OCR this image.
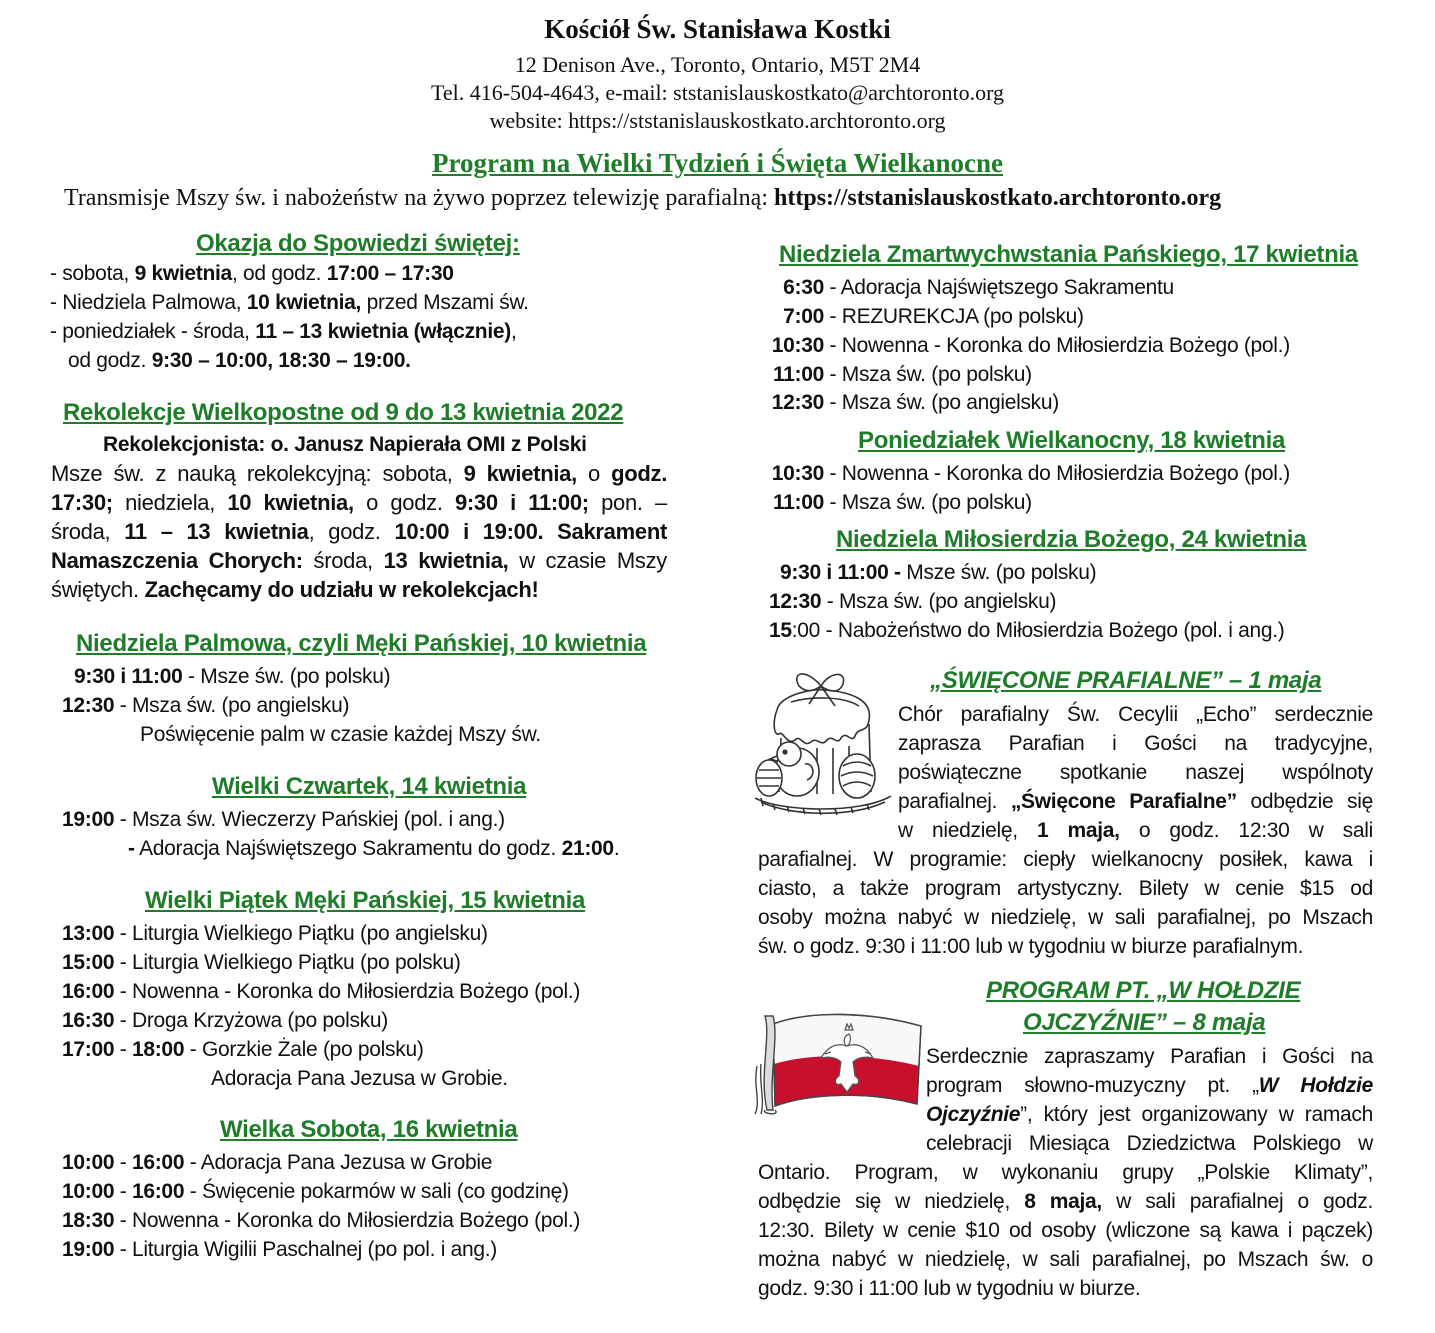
Kościół Św. Stanisława Kostki
12 Denison Ave., Toronto, Ontario, M5T 2M4
Tel. 416-504-4643, e-mail: ststanislauskostkato@archtoronto.org
website: https://ststanislauskostkato.archtoronto.org
Program na Wielki Tydzień i Święta Wielkanocne
Transmisje Mszy św. i nabożeństw na żywo poprzez telewizję parafialną: https://ststanislauskostkato.archtoronto.org
Okazja do Spowiedzi świętej:
- sobota, 9 kwietnia, od godz. 17:00 – 17:30
- Niedziela Palmowa, 10 kwietnia, przed Mszami św.
- poniedziałek - środa, 11 – 13 kwietnia (włącznie),
od godz. 9:30 – 10:00, 18:30 – 19:00.
Rekolekcje Wielkopostne od 9 do 13 kwietnia 2022
Rekolekcjonista: o. Janusz Napierała OMI z Polski
Msze św. z nauką rekolekcyjną: sobota, 9 kwietnia, o godz.
17:30; niedziela, 10 kwietnia, o godz. 9:30 i 11:00; pon. –
środa, 11 – 13 kwietnia, godz. 10:00 i 19:00. Sakrament
Namaszczenia Chorych: środa, 13 kwietnia, w czasie Mszy
świętych. Zachęcamy do udziału w rekolekcjach!
Niedziela Palmowa, czyli Męki Pańskiej, 10 kwietnia
9:30 i 11:00 - Msze św. (po polsku)
12:30 - Msza św. (po angielsku)
Poświęcenie palm w czasie każdej Mszy św.
Wielki Czwartek, 14 kwietnia
19:00 - Msza św. Wieczerzy Pańskiej (pol. i ang.)
- Adoracja Najświętszego Sakramentu do godz. 21:00.
Wielki Piątek Męki Pańskiej, 15 kwietnia
13:00 - Liturgia Wielkiego Piątku (po angielsku)
15:00 - Liturgia Wielkiego Piątku (po polsku)
16:00 - Nowenna - Koronka do Miłosierdzia Bożego (pol.)
16:30 - Droga Krzyżowa (po polsku)
17:00 - 18:00 - Gorzkie Żale (po polsku)
Adoracja Pana Jezusa w Grobie.
Wielka Sobota, 16 kwietnia
10:00 - 16:00 - Adoracja Pana Jezusa w Grobie
10:00 - 16:00 - Święcenie pokarmów w sali (co godzinę)
18:30 - Nowenna - Koronka do Miłosierdzia Bożego (pol.)
19:00 - Liturgia Wigilii Paschalnej (po pol. i ang.)
Niedziela Zmartwychwstania Pańskiego, 17 kwietnia
6:30 - Adoracja Najświętszego Sakramentu
7:00 - REZUREKCJA (po polsku)
10:30 - Nowenna - Koronka do Miłosierdzia Bożego (pol.)
11:00 - Msza św. (po polsku)
12:30 - Msza św. (po angielsku)
Poniedziałek Wielkanocny, 18 kwietnia
10:30 - Nowenna - Koronka do Miłosierdzia Bożego (pol.)
11:00 - Msza św. (po polsku)
Niedziela Miłosierdzia Bożego, 24 kwietnia
9:30 i 11:00 - Msze św. (po polsku)
12:30 - Msza św. (po angielsku)
15:00 - Nabożeństwo do Miłosierdzia Bożego (pol. i ang.)
„ŚWIĘCONE PRAFIALNE” – 1 maja
Chór parafialny Św. Cecylii „Echo” serdecznie
zaprasza Parafian i Gości na tradycyjne,
poświąteczne spotkanie naszej wspólnoty
parafialnej. „Święcone Parafialne” odbędzie się
w niedzielę, 1 maja, o godz. 12:30 w sali
parafialnej. W programie: ciepły wielkanocny posiłek, kawa i
ciasto, a także program artystyczny. Bilety w cenie $15 od
osoby można nabyć w niedzielę, w sali parafialnej, po Mszach
św. o godz. 9:30 i 11:00 lub w tygodniu w biurze parafialnym.
PROGRAM PT. „W HOŁDZIE
OJCZYŹNIE” – 8 maja
Serdecznie zapraszamy Parafian i Gości na
program słowno-muzyczny pt. „W Hołdzie
Ojczyźnie”, który jest organizowany w ramach
celebracji Miesiąca Dziedzictwa Polskiego w
Ontario. Program, w wykonaniu grupy „Polskie Klimaty”,
odbędzie się w niedzielę, 8 maja, w sali parafialnej o godz.
12:30. Bilety w cenie $10 od osoby (wliczone są kawa i pączek)
można nabyć w niedzielę, w sali parafialnej, po Mszach św. o
godz. 9:30 i 11:00 lub w tygodniu w biurze.
